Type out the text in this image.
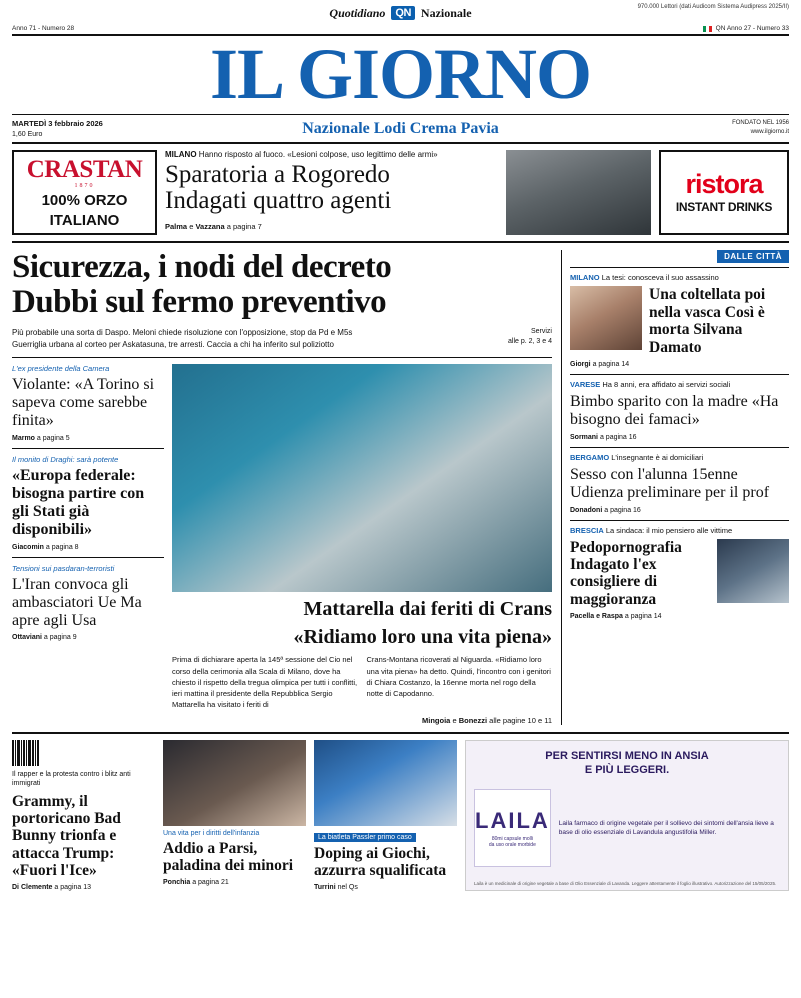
Quotidiano QN Nazionale	970.000 Lettori (dati Audicom Sistema Audipress 2025/II)
Anno 71 - Numero 28	QN Anno 27 - Numero 33
IL GIORNO
MARTEDÌ 3 febbraio 2026
1,60 Euro	Nazionale Lodi Crema Pavia	FONDATO NEL 1956
www.ilgiorno.it
CRASTAN
1870
100% ORZO
ITALIANO
MILANO Hanno risposto al fuoco. «Lesioni colpose, uso legittimo delle armi»
Sparatoria a Rogoredo
Indagati quattro agenti
Palma e Vazzana a pagina 7
ristora
INSTANT DRINKS
Sicurezza, i nodi del decreto
Dubbi sul fermo preventivo
Più probabile una sorta di Daspo. Meloni chiede risoluzione con l'opposizione, stop da Pd e M5s
Guerriglia urbana al corteo per Askatasuna, tre arresti. Caccia a chi ha inferito sul poliziotto
Servizi
alle p. 2, 3 e 4
L'ex presidente della Camera
Violante: «A Torino si sapeva come sarebbe finita»
Marmo a pagina 5
Il monito di Draghi: sarà potente
«Europa federale: bisogna partire con gli Stati già disponibili»
Giacomin a pagina 8
Tensioni sui pasdaran-terroristi
L'Iran convoca gli ambasciatori Ue Ma apre agli Usa
Ottaviani a pagina 9
Mattarella dai feriti di Crans
«Ridiamo loro una vita piena»
Prima di dichiarare aperta la 145ª sessione del Cio nel corso della cerimonia alla Scala di Milano, dove ha chiesto il rispetto della tregua olimpica per tutti i conflitti, ieri mattina il presidente della Repubblica Sergio Mattarella ha visitato i feriti di
Crans-Montana ricoverati al Niguarda. «Ridiamo loro una vita piena» ha detto. Quindi, l'incontro con i genitori di Chiara Costanzo, la 16enne morta nel rogo della notte di Capodanno.
Mingoia e Bonezzi alle pagine 10 e 11
DALLE CITTÀ
MILANO La tesi: conosceva il suo assassino
Una coltellata poi nella vasca Così è morta Silvana Damato
Giorgi a pagina 14
VARESE Ha 8 anni, era affidato ai servizi sociali
Bimbo sparito con la madre «Ha bisogno dei famaci»
Sormani a pagina 16
BERGAMO L'insegnante è ai domiciliari
Sesso con l'alunna 15enne Udienza preliminare per il prof
Donadoni a pagina 16
BRESCIA La sindaca: il mio pensiero alle vittime
Pedopornografia Indagato l'ex consigliere di maggioranza
Pacella e Raspa a pagina 14
Il rapper e la protesta contro i blitz anti immigrati
Grammy, il portoricano Bad Bunny trionfa e attacca Trump: «Fuori l'Ice»
Di Clemente a pagina 13
Una vita per i diritti dell'infanzia
Addio a Parsi, paladina dei minori
Ponchia a pagina 21
La biatleta Passler primo caso
Doping ai Giochi, azzurra squalificata
Turrini nel Qs
PER SENTIRSI MENO IN ANSIA
E PIÙ LEGGERI.
LAILA
80mi capsule molli
da uso orale morbide
Laila farmaco di origine vegetale per il sollievo dei sintomi dell'ansia lieve a base di olio essenziale di Lavandula angustifolia Miller.
Laila è un medicinale di origine vegetale a base di Olio Essenziale di Lavanda. Leggere attentamente il foglio illustrativo. Autorizzazione del 15/05/2025.
